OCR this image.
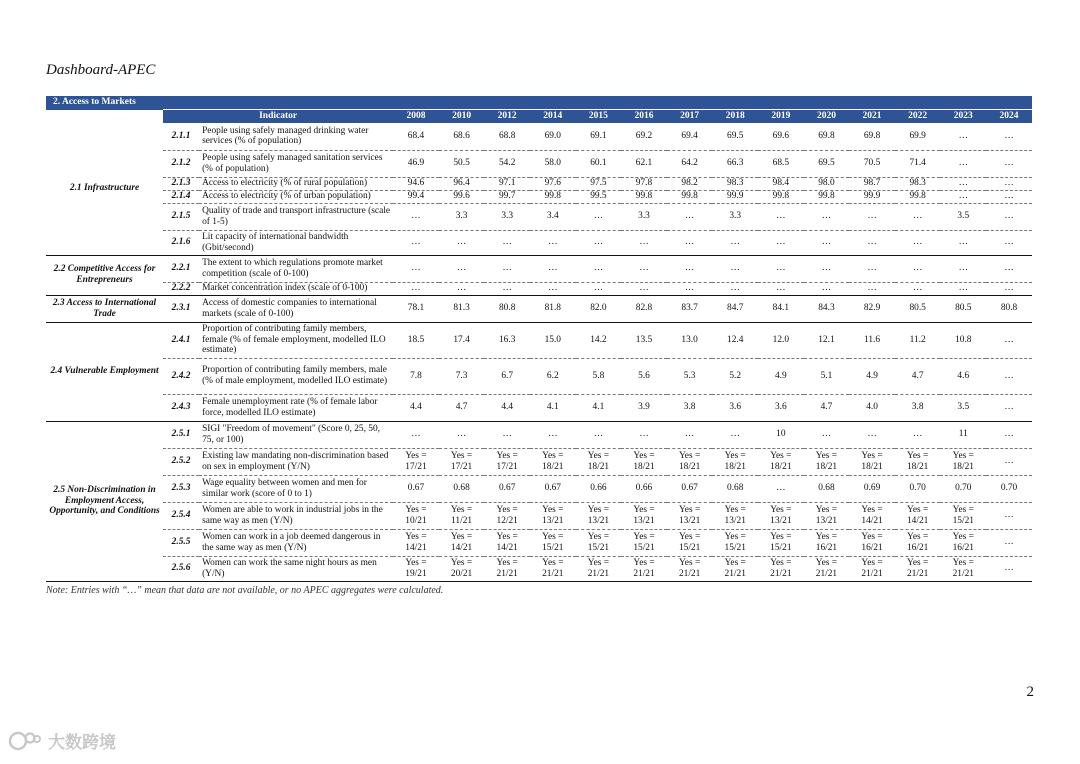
Dashboard-APEC
2. Access to Markets																
	Indicator		2008	2010	2012	2014	2015	2016	2017	2018	2019	2020	2021	2022	2023	2024
2.1 Infrastructure	2.1.1	People using safely managed drinking water services (% of population)	68.4	68.6	68.8	69.0	69.1	69.2	69.4	69.5	69.6	69.8	69.8	69.9	…	…
	2.1.2	People using safely managed sanitation services (% of population)	46.9	50.5	54.2	58.0	60.1	62.1	64.2	66.3	68.5	69.5	70.5	71.4	…	…
	2.1.3	Access to electricity (% of rural population)	94.6	96.4	97.1	97.6	97.5	97.8	98.2	98.3	98.4	98.0	98.7	98.3	…	…
	2.1.4	Access to electricity (% of urban population)	99.4	99.6	99.7	99.8	99.5	99.8	99.8	99.9	99.8	99.8	99.9	99.8	…	…
	2.1.5	Quality of trade and transport infrastructure (scale of 1-5)	…	3.3	3.3	3.4	…	3.3	…	3.3	…	…	…	…	3.5	…
	2.1.6	Lit capacity of international bandwidth (Gbit/second)	…	…	…	…	…	…	…	…	…	…	…	…	…	…
2.2 Competitive Access for Entrepreneurs	2.2.1	The extent to which regulations promote market competition (scale of 0-100)	…	…	…	…	…	…	…	…	…	…	…	…	…	…
	2.2.2	Market concentration index (scale of 0-100)	…	…	…	…	…	…	…	…	…	…	…	…	…	…
2.3 Access to International Trade	2.3.1	Access of domestic companies to international markets (scale of 0-100)	78.1	81.3	80.8	81.8	82.0	82.8	83.7	84.7	84.1	84.3	82.9	80.5	80.5	80.8
2.4 Vulnerable Employment	2.4.1	Proportion of contributing family members, female (% of female employment, modelled ILO estimate)	18.5	17.4	16.3	15.0	14.2	13.5	13.0	12.4	12.0	12.1	11.6	11.2	10.8	…
	2.4.2	Proportion of contributing family members, male (% of male employment, modelled ILO estimate)	7.8	7.3	6.7	6.2	5.8	5.6	5.3	5.2	4.9	5.1	4.9	4.7	4.6	…
	2.4.3	Female unemployment rate (% of female labor force, modelled ILO estimate)	4.4	4.7	4.4	4.1	4.1	3.9	3.8	3.6	3.6	4.7	4.0	3.8	3.5	…
2.5 Non-Discrimination in Employment Access, Opportunity, and Conditions	2.5.1	SIGI "Freedom of movement" (Score 0, 25, 50, 75, or 100)	…	…	…	…	…	…	…	…	10	…	…	…	11	…
	2.5.2	Existing law mandating non-discrimination based on sex in employment (Y/N)	Yes = 17/21	Yes = 17/21	Yes = 17/21	Yes = 18/21	Yes = 18/21	Yes = 18/21	Yes = 18/21	Yes = 18/21	Yes = 18/21	Yes = 18/21	Yes = 18/21	Yes = 18/21	Yes = 18/21	…
	2.5.3	Wage equality between women and men for similar work (score of 0 to 1)	0.67	0.68	0.67	0.67	0.66	0.66	0.67	0.68	…	0.68	0.69	0.70	0.70	0.70
	2.5.4	Women are able to work in industrial jobs in the same way as men (Y/N)	Yes = 10/21	Yes = 11/21	Yes = 12/21	Yes = 13/21	Yes = 13/21	Yes = 13/21	Yes = 13/21	Yes = 13/21	Yes = 13/21	Yes = 13/21	Yes = 14/21	Yes = 14/21	Yes = 15/21	…
	2.5.5	Women can work in a job deemed dangerous in the same way as men (Y/N)	Yes = 14/21	Yes = 14/21	Yes = 14/21	Yes = 15/21	Yes = 15/21	Yes = 15/21	Yes = 15/21	Yes = 15/21	Yes = 15/21	Yes = 16/21	Yes = 16/21	Yes = 16/21	Yes = 16/21	…
	2.5.6	Women can work the same night hours as men (Y/N)	Yes = 19/21	Yes = 20/21	Yes = 21/21	Yes = 21/21	Yes = 21/21	Yes = 21/21	Yes = 21/21	Yes = 21/21	Yes = 21/21	Yes = 21/21	Yes = 21/21	Yes = 21/21	Yes = 21/21	…
Note: Entries with “…” mean that data are not available, or no APEC aggregates were calculated.
2
大数跨境
